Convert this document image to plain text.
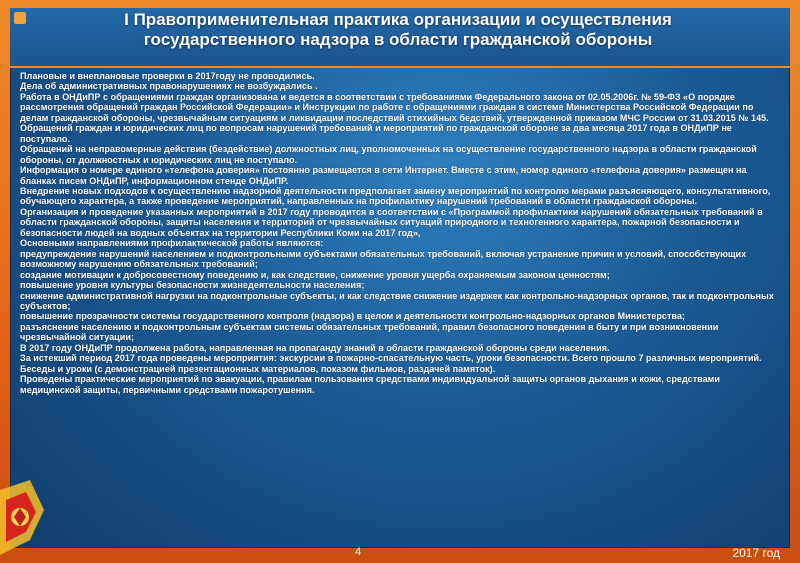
I Правоприменительная практика организации и осуществления
государственного надзора в области гражданской обороны
Плановые и внеплановые проверки в 2017году не проводились.
Дела об административных правонарушениях не возбуждались .
Работа в ОНДиПР с обращениями граждан организована и ведется в соответствии с требованиями Федерального закона от 02.05.2006г. № 59-ФЗ «О порядке рассмотрения обращений граждан Российской Федерации» и Инструкции по работе с обращениями граждан в системе Министерства Российской Федерации по делам гражданской обороны, чрезвычайным ситуациям и ликвидации последствий стихийных бедствий, утвержденной приказом МЧС России от 31.03.2015 № 145.
Обращений граждан и юридических лиц по вопросам нарушений требований и мероприятий по гражданской обороне за два месяца 2017 года в ОНДиПР не поступало.
Обращений на неправомерные действия (бездействие) должностных лиц, уполномоченных на осуществление государственного надзора в области гражданской обороны, от должностных и юридических лиц не поступало.
Информация о номере единого «телефона доверия» постоянно размещается в сети Интернет. Вместе с этим, номер единого «телефона доверия» размещен на бланках писем ОНДиПР, информационном стенде ОНДиПР.
Внедрение новых подходов к осуществлению надзорной деятельности предполагает замену мероприятий по контролю мерами разъясняющего, консультативного, обучающего характера, а также проведение мероприятий, направленных на профилактику нарушений требований в области гражданской обороны.
Организация и проведение указанных мероприятий в 2017 году проводится в соответствии с «Программой профилактики нарушений обязательных требований в области гражданской обороны, защиты населения и территорий от чрезвычайных ситуаций природного и техногенного характера, пожарной безопасности и безопасности людей на водных объектах на территории Республики Коми на 2017 год»,
Основными направлениями профилактической работы являются:
предупреждение нарушений населением и подконтрольными субъектами обязательных требований, включая устранение причин и условий, способствующих возможному нарушению обязательных требований;
создание мотивации к добросовестному поведению и, как следствие, снижение уровня ущерба охраняемым законом ценностям;
повышение уровня культуры безопасности жизнедеятельности населения;
снижение административной нагрузки на подконтрольные субъекты, и как следствие снижение издержек как контрольно-надзорных органов, так и подконтрольных субъектов;
повышение прозрачности системы государственного контроля (надзора) в целом и деятельности контрольно-надзорных органов Министерства;
разъяснение населению и подконтрольным субъектам системы обязательных требований, правил безопасного поведения в быту и при возникновении чрезвычайной ситуации;
В 2017 году ОНДиПР продолжена работа, направленная на пропаганду знаний в области гражданской обороны среди населения.
За истекший период 2017 года проведены мероприятия: экскурсии в пожарно-спасательную часть, уроки безопасности. Всего прошло 7 различных мероприятий.
Беседы и уроки (с демонстрацией презентационных материалов, показом фильмов, раздачей памяток).
Проведены практические мероприятий по эвакуации, правилам пользования средствами индивидуальной защиты органов дыхания и кожи, средствами медицинской защиты, первичными средствами пожаротушения.
4	2017 год
